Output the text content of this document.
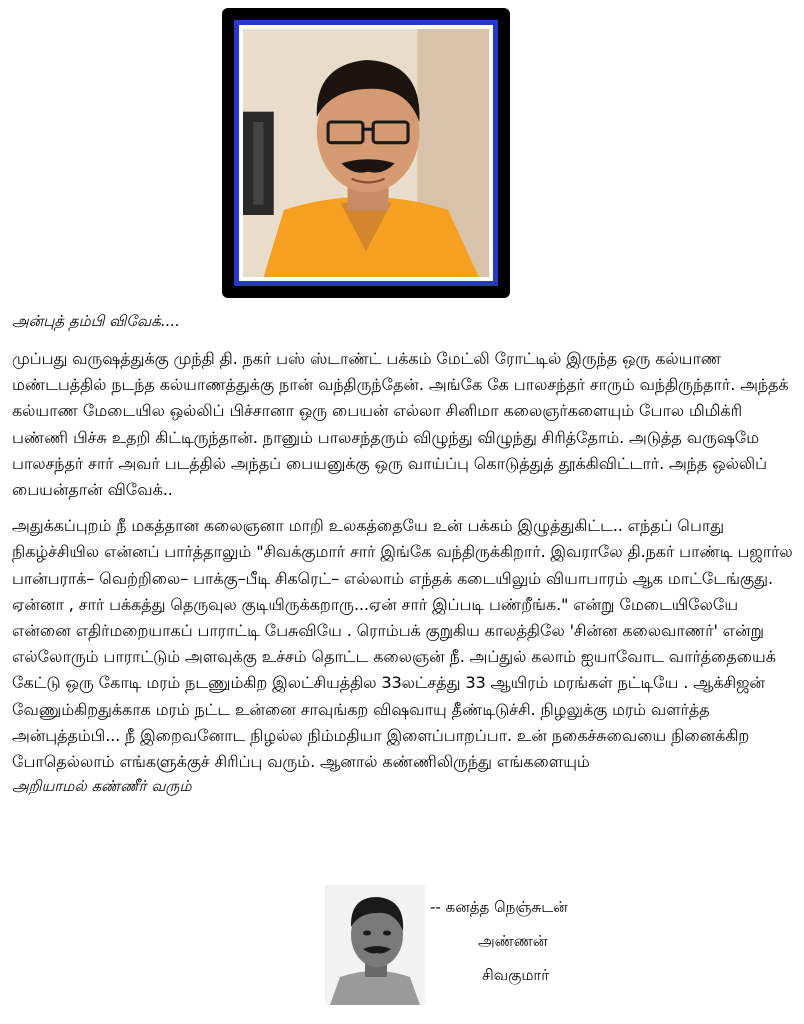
அன்புத் தம்பி விவேக்....

முப்பது வருஷத்துக்கு முந்தி தி. நகர் பஸ் ஸ்டாண்ட் பக்கம் மேட்லி ரோட்டில் இருந்த ஒரு கல்யாண மண்டபத்தில் நடந்த கல்யாணத்துக்கு நான் வந்திருந்தேன். அங்கே கே பாலசந்தர் சாரும் வந்திருந்தார். அந்தக் கல்யாண மேடையில ஒல்லிப் பிச்சானா ஒரு பையன் எல்லா சினிமா கலைஞர்களையும் போல மிமிக்ரி பண்ணி பிச்சு உதறி கிட்டிருந்தான். நானும் பாலசந்தரும் விழுந்து விழுந்து சிரித்தோம். அடுத்த வருஷமே பாலசந்தர் சார் அவர் படத்தில் அந்தப் பையனுக்கு ஒரு வாய்ப்பு கொடுத்துத் தூக்கிவிட்டார். அந்த ஒல்லிப் பையன்தான் விவேக்..

அதுக்கப்புறம் நீ மகத்தான கலைஞனா மாறி உலகத்தையே உன் பக்கம் இழுத்துகிட்ட.. எந்தப் பொது நிகழ்ச்சியில என்னப் பார்த்தாலும் "சிவக்குமார் சார் இங்கே வந்திருக்கிறார். இவராலே தி.நகர் பாண்டி பஜார்ல பான்பராக்– வெற்றிலை– பாக்கு–பீடி சிகரெட்– எல்லாம் எந்தக் கடையிலும் வியாபாரம் ஆக மாட்டேங்குது. ஏன்னா , சார் பக்கத்து தெருவுல குடியிருக்கறாரு...ஏன் சார் இப்படி பண்றீங்க." என்று மேடையிலேயே என்னை எதிர்மறையாகப் பாராட்டி பேசுவியே . ரொம்பக் குறுகிய காலத்திலே 'சின்ன கலைவாணர்' என்று எல்லோரும் பாராட்டும் அளவுக்கு உச்சம் தொட்ட கலைஞன் நீ. அப்துல் கலாம் ஐயாவோட வார்த்தையைக் கேட்டு ஒரு கோடி மரம் நடணும்கிற இலட்சியத்தில 33லட்சத்து 33 ஆயிரம் மரங்கள் நட்டியே . ஆக்சிஜன் வேணும்கிறதுக்காக மரம் நட்ட உன்னை சாவுங்கற விஷவாயு தீண்டிடுச்சி. நிழலுக்கு மரம் வளர்த்த அன்புத்தம்பி... நீ இறைவனோட நிழல்ல நிம்மதியா இளைப்பாறப்பா. உன் நகைச்சுவையை நினைக்கிற போதெல்லாம் எங்களுக்குச் சிரிப்பு வரும். ஆனால் கண்ணிலிருந்து எங்களையும்

அறியாமல் கண்ணீர் வரும்

-- கனத்த நெஞ்சுடன்
அண்ணன்
சிவகுமார்
